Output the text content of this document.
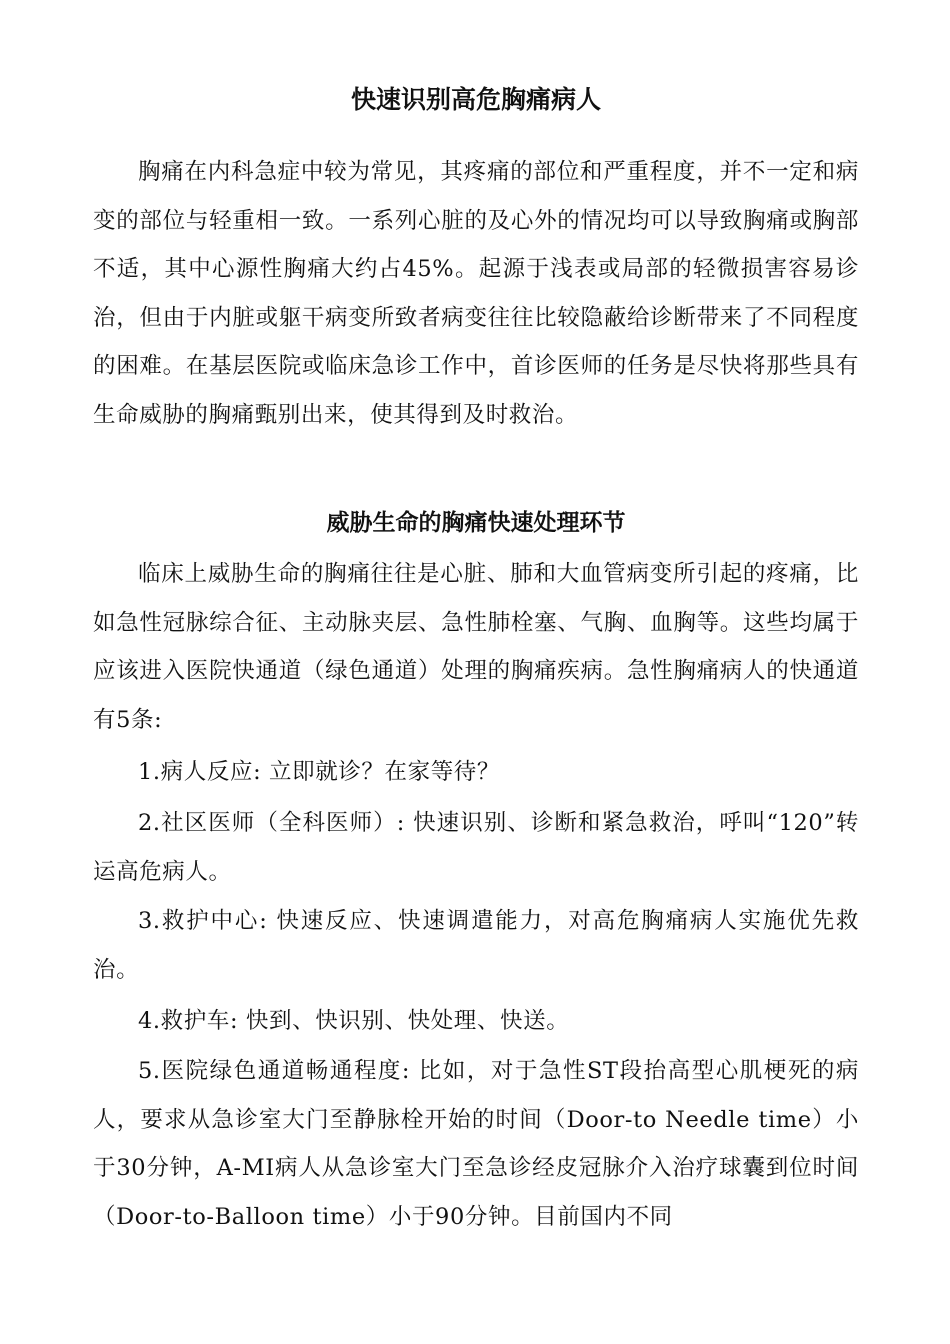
快速识别高危胸痛病人

胸痛在内科急症中较为常见，其疼痛的部位和严重程度，并不一定和病变的部位与轻重相一致。一系列心脏的及心外的情况均可以导致胸痛或胸部不适，其中心源性胸痛大约占45%。起源于浅表或局部的轻微损害容易诊治，但由于内脏或躯干病变所致者病变往往比较隐蔽给诊断带来了不同程度的困难。在基层医院或临床急诊工作中，首诊医师的任务是尽快将那些具有生命威胁的胸痛甄别出来，使其得到及时救治。

威胁生命的胸痛快速处理环节

临床上威胁生命的胸痛往往是心脏、肺和大血管病变所引起的疼痛，比如急性冠脉综合征、主动脉夹层、急性肺栓塞、气胸、血胸等。这些均属于应该进入医院快通道（绿色通道）处理的胸痛疾病。急性胸痛病人的快通道有5条:

1.病人反应: 立即就诊？在家等待？

2.社区医师（全科医师）: 快速识别、诊断和紧急救治，呼叫“120”转运高危病人。

3.救护中心: 快速反应、快速调遣能力，对高危胸痛病人实施优先救治。

4.救护车: 快到、快识别、快处理、快送。

5.医院绿色通道畅通程度: 比如，对于急性ST段抬高型心肌梗死的病人，要求从急诊室大门至静脉栓开始的时间（Door-to Needle time）小于30分钟，A-MI病人从急诊室大门至急诊经皮冠脉介入治疗球囊到位时间（Door-to-Balloon time）小于90分钟。目前国内不同
